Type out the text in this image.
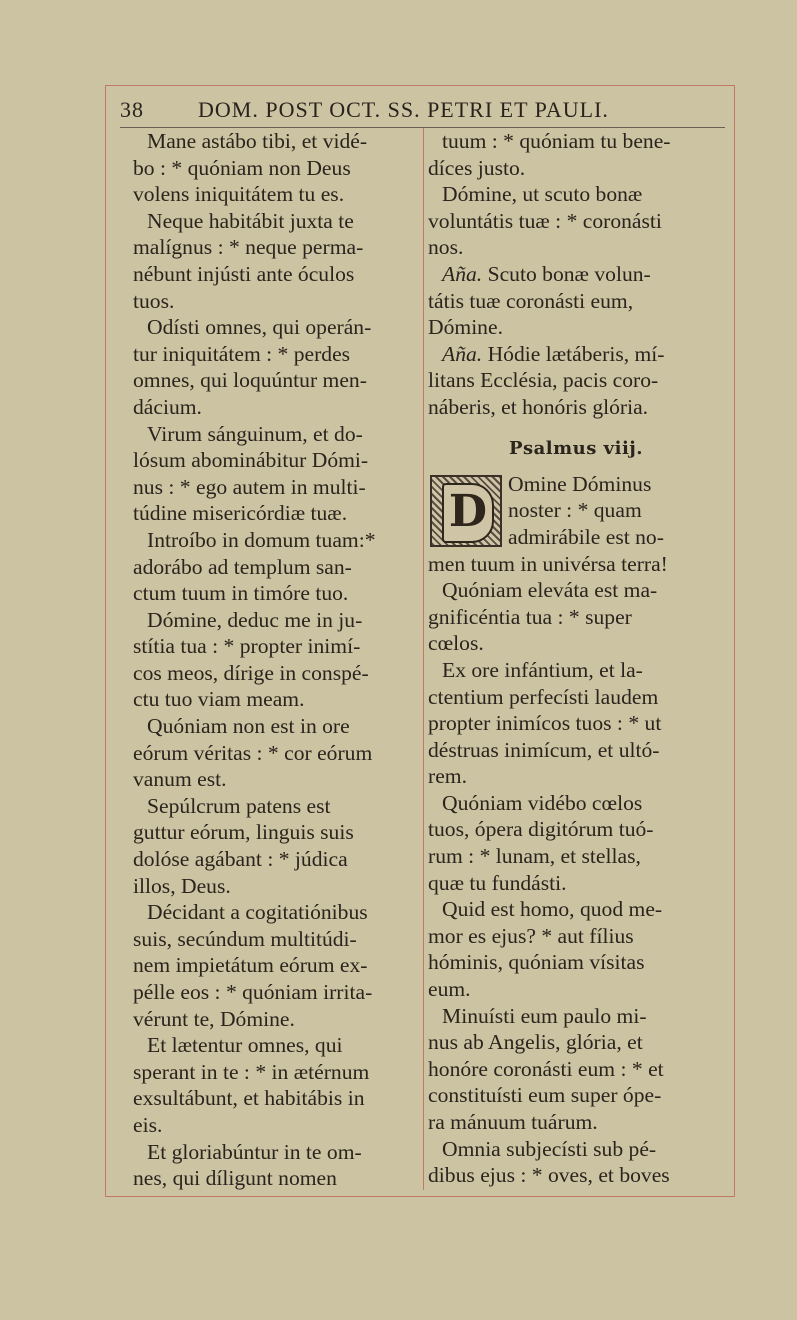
38 DOM. POST OCT. SS. PETRI ET PAULI.
Mane astábo tibi, et vidé-
bo : * quóniam non Deus
volens iniquitátem tu es.
Neque habitábit juxta te
malígnus : * neque perma-
nébunt injústi ante óculos
tuos.
Odísti omnes, qui operán-
tur iniquitátem : * perdes
omnes, qui loquúntur men-
dácium.
Virum sánguinum, et do-
lósum abominábitur Dómi-
nus : * ego autem in multi-
túdine misericórdiæ tuæ.
Introíbo in domum tuam:*
adorábo ad templum san-
ctum tuum in timóre tuo.
Dómine, deduc me in ju-
stítia tua : * propter inimí-
cos meos, dírige in conspé-
ctu tuo viam meam.
Quóniam non est in ore
eórum véritas : * cor eórum
vanum est.
Sepúlcrum patens est
guttur eórum, linguis suis
dolóse agábant : * júdica
illos, Deus.
Décidant a cogitatiónibus
suis, secúndum multitúdi-
nem impietátum eórum ex-
pélle eos : * quóniam irrita-
vérunt te, Dómine.
Et lætentur omnes, qui
sperant in te : * in ætérnum
exsultábunt, et habitábis in
eis.
Et gloriabúntur in te om-
nes, qui díligunt nomen
tuum : * quóniam tu bene-
díces justo.
Dómine, ut scuto bonæ
voluntátis tuæ : * coronásti
nos.
Aña. Scuto bonæ volun-
tátis tuæ coronásti eum,
Dómine.
Aña. Hódie lætáberis, mí-
litans Ecclésia, pacis coro-
náberis, et honóris glória.
Psalmus viij.
D
Omine Dóminus
noster : * quam
admirábile est no-
men tuum in univérsa terra!
Quóniam eleváta est ma-
gnificéntia tua : * super
cœlos.
Ex ore infántium, et la-
ctentium perfecísti laudem
propter inimícos tuos : * ut
déstruas inimícum, et ultó-
rem.
Quóniam vidébo cœlos
tuos, ópera digitórum tuó-
rum : * lunam, et stellas,
quæ tu fundásti.
Quid est homo, quod me-
mor es ejus? * aut fílius
hóminis, quóniam vísitas
eum.
Minuísti eum paulo mi-
nus ab Angelis, glória, et
honóre coronásti eum : * et
constituísti eum super ópe-
ra mánuum tuárum.
Omnia subjecísti sub pé-
dibus ejus : * oves, et boves
